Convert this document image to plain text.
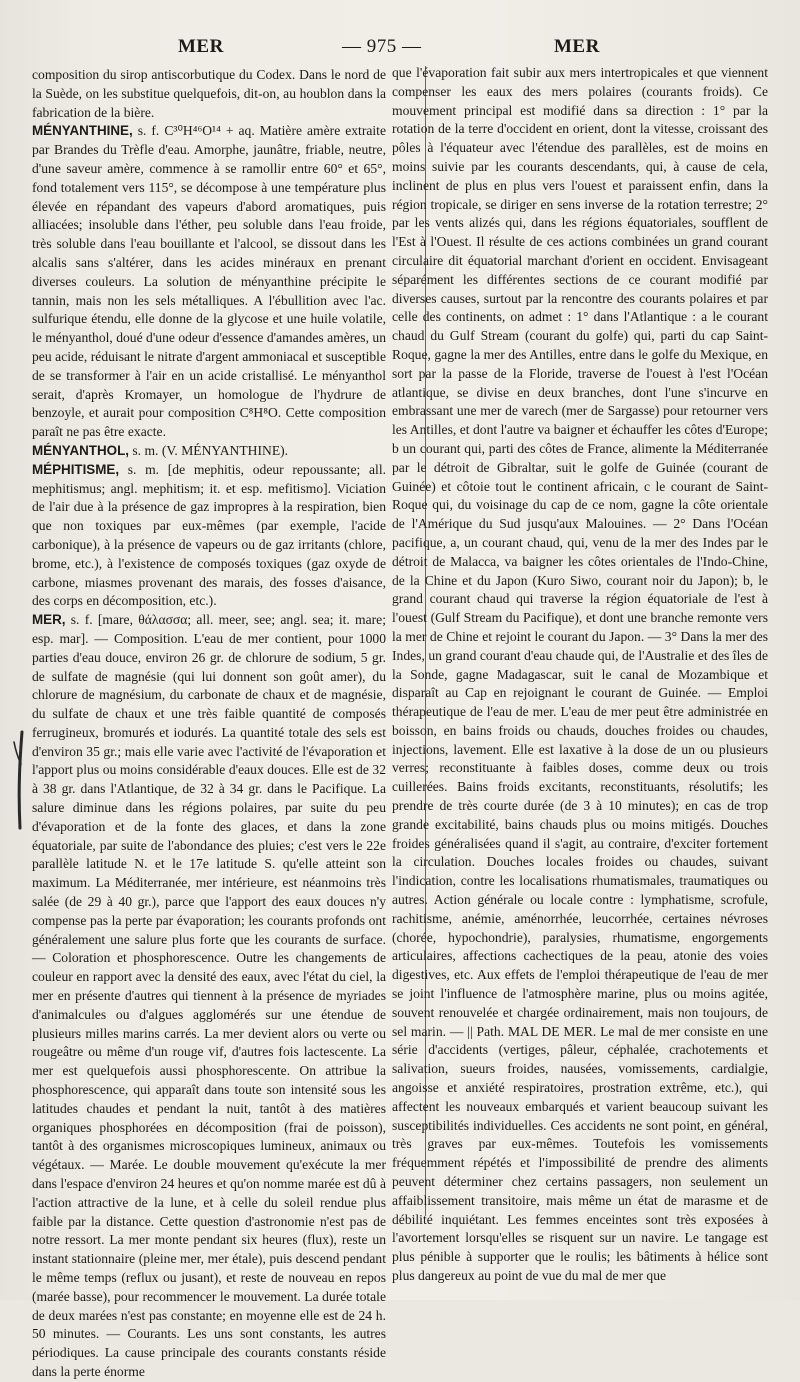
MER	— 975 —	MER

composition du sirop antiscorbutique du Codex. Dans le nord de la Suède, on les substitue quelquefois, dit-on, au houblon dans la fabrication de la bière.

MÉNYANTHINE, s. f. C³⁰H⁴⁶O¹⁴ + aq. Matière amère extraite par Brandes du Trèfle d'eau. Amorphe, jaunâtre, friable, neutre, d'une saveur amère, commence à se ramollir entre 60° et 65°, fond totalement vers 115°, se décompose à une température plus élevée en répandant des vapeurs d'abord aromatiques, puis alliacées; insoluble dans l'éther, peu soluble dans l'eau froide, très soluble dans l'eau bouillante et l'alcool, se dissout dans les alcalis sans s'altérer, dans les acides minéraux en prenant diverses couleurs. La solution de ményanthine précipite le tannin, mais non les sels métalliques. A l'ébullition avec l'ac. sulfurique étendu, elle donne de la glycose et une huile volatile, le ményanthol, doué d'une odeur d'essence d'amandes amères, un peu acide, réduisant le nitrate d'argent ammoniacal et susceptible de se transformer à l'air en un acide cristallisé. Le ményanthol serait, d'après Kromayer, un homologue de l'hydrure de benzoyle, et aurait pour composition C⁸H⁸O. Cette composition paraît ne pas être exacte.

MÉNYANTHOL, s. m. (V. MÉNYANTHINE).

MÉPHITISME, s. m. [de mephitis, odeur repoussante; all. mephitismus; angl. mephitism; it. et esp. mefitismo]. Viciation de l'air due à la présence de gaz impropres à la respiration, bien que non toxiques par eux-mêmes (par exemple, l'acide carbonique), à la présence de vapeurs ou de gaz irritants (chlore, brome, etc.), à l'existence de composés toxiques (gaz oxyde de carbone, miasmes provenant des marais, des fosses d'aisance, des corps en décomposition, etc.).

MER, s. f. [mare, θάλασσα; all. meer, see; angl. sea; it. mare; esp. mar]. — Composition. L'eau de mer contient, pour 1000 parties d'eau douce, environ 26 gr. de chlorure de sodium, 5 gr. de sulfate de magnésie (qui lui donnent son goût amer), du chlorure de magnésium, du carbonate de chaux et de magnésie, du sulfate de chaux et une très faible quantité de composés ferrugineux, bromurés et iodurés. La quantité totale des sels est d'environ 35 gr.; mais elle varie avec l'activité de l'évaporation et l'apport plus ou moins considérable d'eaux douces. Elle est de 32 à 38 gr. dans l'Atlantique, de 32 à 34 gr. dans le Pacifique. La salure diminue dans les régions polaires, par suite du peu d'évaporation et de la fonte des glaces, et dans la zone équatoriale, par suite de l'abondance des pluies; c'est vers le 22e parallèle latitude N. et le 17e latitude S. qu'elle atteint son maximum. La Méditerranée, mer intérieure, est néanmoins très salée (de 29 à 40 gr.), parce que l'apport des eaux douces n'y compense pas la perte par évaporation; les courants profonds ont généralement une salure plus forte que les courants de surface. — Coloration et phosphorescence. Outre les changements de couleur en rapport avec la densité des eaux, avec l'état du ciel, la mer en présente d'autres qui tiennent à la présence de myriades d'animalcules ou d'algues agglomérés sur une étendue de plusieurs milles marins carrés. La mer devient alors ou verte ou rougeâtre ou même d'un rouge vif, d'autres fois lactescente. La mer est quelquefois aussi phosphorescente. On attribue la phosphorescence, qui apparaît dans toute son intensité sous les latitudes chaudes et pendant la nuit, tantôt à des matières organiques phosphorées en décomposition (frai de poisson), tantôt à des organismes microscopiques lumineux, animaux ou végétaux. — Marée. Le double mouvement qu'exécute la mer dans l'espace d'environ 24 heures et qu'on nomme marée est dû à l'action attractive de la lune, et à celle du soleil rendue plus faible par la distance. Cette question d'astronomie n'est pas de notre ressort. La mer monte pendant six heures (flux), reste un instant stationnaire (pleine mer, mer étale), puis descend pendant le même temps (reflux ou jusant), et reste de nouveau en repos (marée basse), pour recommencer le mouvement. La durée totale de deux marées n'est pas constante; en moyenne elle est de 24 h. 50 minutes. — Courants. Les uns sont constants, les autres périodiques. La cause principale des courants constants réside dans la perte énorme

que l'évaporation fait subir aux mers intertropicales et que viennent compenser les eaux des mers polaires (courants froids). Ce mouvement principal est modifié dans sa direction : 1° par la rotation de la terre d'occident en orient, dont la vitesse, croissant des pôles à l'équateur avec l'étendue des parallèles, est de moins en moins suivie par les courants descendants, qui, à cause de cela, inclinent de plus en plus vers l'ouest et paraissent enfin, dans la région tropicale, se diriger en sens inverse de la rotation terrestre; 2° par les vents alizés qui, dans les régions équatoriales, soufflent de l'Est à l'Ouest. Il résulte de ces actions combinées un grand courant circulaire dit équatorial marchant d'orient en occident. Envisageant séparément les différentes sections de ce courant modifié par diverses causes, surtout par la rencontre des courants polaires et par celle des continents, on admet : 1° dans l'Atlantique : a le courant chaud du Gulf Stream (courant du golfe) qui, parti du cap Saint-Roque, gagne la mer des Antilles, entre dans le golfe du Mexique, en sort par la passe de la Floride, traverse de l'ouest à l'est l'Océan atlantique, se divise en deux branches, dont l'une s'incurve en embrassant une mer de varech (mer de Sargasse) pour retourner vers les Antilles, et dont l'autre va baigner et échauffer les côtes d'Europe; b un courant qui, parti des côtes de France, alimente la Méditerranée par le détroit de Gibraltar, suit le golfe de Guinée (courant de Guinée) et côtoie tout le continent africain, c le courant de Saint-Roque qui, du voisinage du cap de ce nom, gagne la côte orientale de l'Amérique du Sud jusqu'aux Malouines. — 2° Dans l'Océan pacifique, a, un courant chaud, qui, venu de la mer des Indes par le détroit de Malacca, va baigner les côtes orientales de l'Indo-Chine, de la Chine et du Japon (Kuro Siwo, courant noir du Japon); b, le grand courant chaud qui traverse la région équatoriale de l'est à l'ouest (Gulf Stream du Pacifique), et dont une branche remonte vers la mer de Chine et rejoint le courant du Japon. — 3° Dans la mer des Indes, un grand courant d'eau chaude qui, de l'Australie et des îles de la Sonde, gagne Madagascar, suit le canal de Mozambique et disparaît au Cap en rejoignant le courant de Guinée. — Emploi thérapeutique de l'eau de mer. L'eau de mer peut être administrée en boisson, en bains froids ou chauds, douches froides ou chaudes, injections, lavement. Elle est laxative à la dose de un ou plusieurs verres; reconstituante à faibles doses, comme deux ou trois cuillerées. Bains froids excitants, reconstituants, résolutifs; les prendre de très courte durée (de 3 à 10 minutes); en cas de trop grande excitabilité, bains chauds plus ou moins mitigés. Douches froides généralisées quand il s'agit, au contraire, d'exciter fortement la circulation. Douches locales froides ou chaudes, suivant l'indication, contre les localisations rhumatismales, traumatiques ou autres. Action générale ou locale contre : lymphatisme, scrofule, rachitisme, anémie, aménorrhée, leucorrhée, certaines névroses (chorée, hypochondrie), paralysies, rhumatisme, engorgements articulaires, affections cachectiques de la peau, atonie des voies digestives, etc. Aux effets de l'emploi thérapeutique de l'eau de mer se joint l'influence de l'atmosphère marine, plus ou moins agitée, souvent renouvelée et chargée ordinairement, mais non toujours, de sel marin. — || Path. MAL DE MER. Le mal de mer consiste en une série d'accidents (vertiges, pâleur, céphalée, crachotements et salivation, sueurs froides, nausées, vomissements, cardialgie, angoisse et anxiété respiratoires, prostration extrême, etc.), qui affectent les nouveaux embarqués et varient beaucoup suivant les susceptibilités individuelles. Ces accidents ne sont point, en général, très graves par eux-mêmes. Toutefois les vomissements fréquemment répétés et l'impossibilité de prendre des aliments peuvent déterminer chez certains passagers, non seulement un affaiblissement transitoire, mais même un état de marasme et de débilité inquiétant. Les femmes enceintes sont très exposées à l'avortement lorsqu'elles se risquent sur un navire. Le tangage est plus pénible à supporter que le roulis; les bâtiments à hélice sont plus dangereux au point de vue du mal de mer que
